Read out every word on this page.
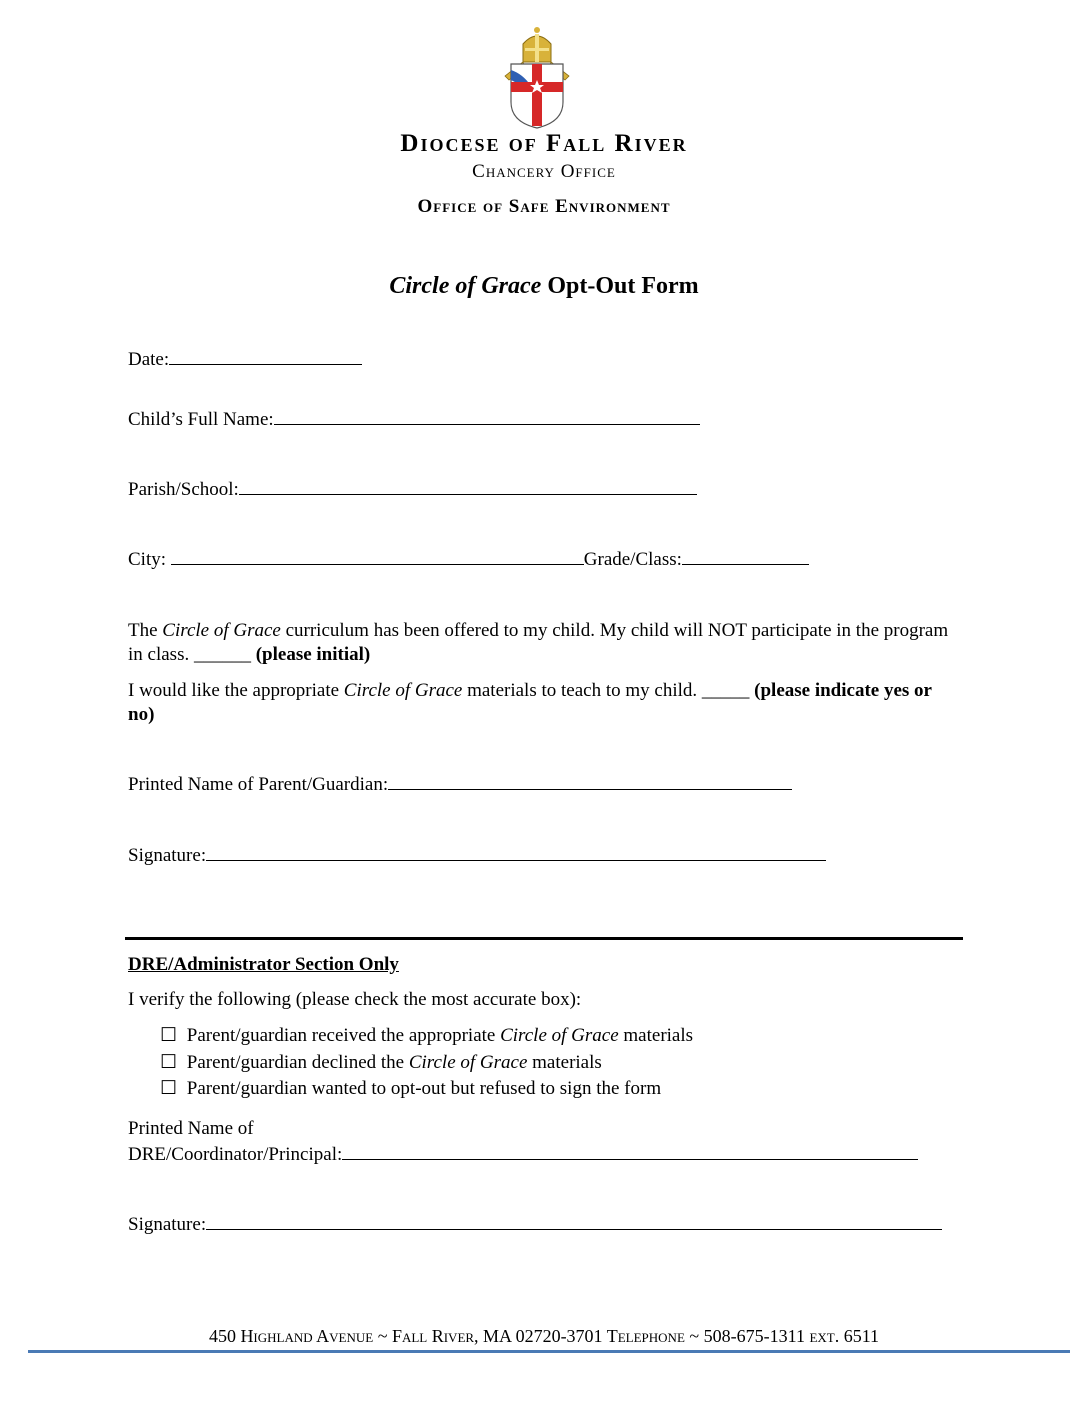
Diocese of Fall River
Chancery Office
Office of Safe Environment
Circle of Grace Opt-Out Form
Date:
Child’s Full Name:
Parish/School:
City:	Grade/Class:
The Circle of Grace curriculum has been offered to my child. My child will NOT participate in the program in class. ______ (please initial)
I would like the appropriate Circle of Grace materials to teach to my child. _____ (please indicate yes or no)
Printed Name of Parent/Guardian:
Signature:
DRE/Administrator Section Only
I verify the following (please check the most accurate box):
☐ Parent/guardian received the appropriate Circle of Grace materials
☐ Parent/guardian declined the Circle of Grace materials
☐ Parent/guardian wanted to opt-out but refused to sign the form
Printed Name of
DRE/Coordinator/Principal:
Signature:
450 Highland Avenue ~ Fall River, MA 02720-3701 Telephone ~ 508-675-1311 ext. 6511
